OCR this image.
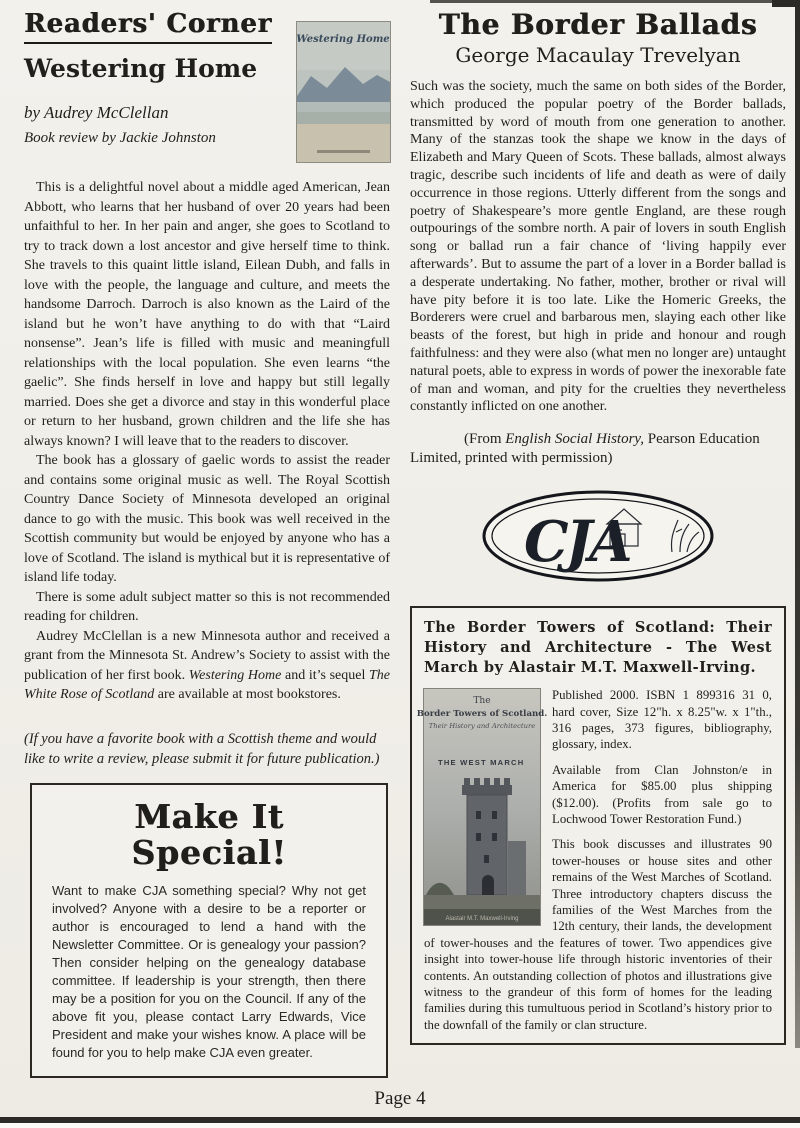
Readers' Corner
Westering Home
by Audrey McClellan
Book review by Jackie Johnston
Westering Home

This is a delightful novel about a middle aged American, Jean Abbott, who learns that her husband of over 20 years had been unfaithful to her. In her pain and anger, she goes to Scotland to try to track down a lost ancestor and give herself time to think. She travels to this quaint little island, Eilean Dubh, and falls in love with the people, the language and culture, and meets the handsome Darroch. Darroch is also known as the Laird of the island but he won’t have anything to do with that “Laird nonsense”. Jean’s life is filled with music and meaningfull relationships with the local population. She even learns “the gaelic”. She finds herself in love and happy but still legally married. Does she get a divorce and stay in this wonderful place or return to her husband, grown children and the life she has always known? I will leave that to the readers to discover.

The book has a glossary of gaelic words to assist the reader and contains some original music as well. The Royal Scottish Country Dance Society of Minnesota developed an original dance to go with the music. This book was well received in the Scottish community but would be enjoyed by anyone who has a love of Scotland. The island is mythical but it is representative of island life today.

There is some adult subject matter so this is not recommended reading for children.

Audrey McClellan is a new Minnesota author and received a grant from the Minnesota St. Andrew’s Society to assist with the publication of her first book. Westering Home and it’s sequel The White Rose of Scotland are available at most bookstores.

(If you have a favorite book with a Scottish theme and would like to write a review, please submit it for future publication.)
Make It Special!
Want to make CJA something special? Why not get involved? Anyone with a desire to be a reporter or author is encouraged to lend a hand with the Newsletter Committee. Or is genealogy your passion? Then consider helping on the genealogy database committee. If leadership is your strength, then there may be a position for you on the Council. If any of the above fit you, please contact Larry Edwards, Vice President and make your wishes know. A place will be found for you to help make CJA even greater.
The Border Ballads
George Macaulay Trevelyan

Such was the society, much the same on both sides of the Border, which produced the popular poetry of the Border ballads, transmitted by word of mouth from one generation to another. Many of the stanzas took the shape we know in the days of Elizabeth and Mary Queen of Scots. These ballads, almost always tragic, describe such incidents of life and death as were of daily occurrence in those regions. Utterly different from the songs and poetry of Shakespeare’s more gentle England, are these rough outpourings of the sombre north. A pair of lovers in south English song or ballad run a fair chance of ‘living happily ever afterwards’. But to assume the part of a lover in a Border ballad is a desperate undertaking. No father, mother, brother or rival will have pity before it is too late. Like the Homeric Greeks, the Borderers were cruel and barbarous men, slaying each other like beasts of the forest, but high in pride and honour and rough faithfulness: and they were also (what men no longer are) untaught natural poets, able to express in words of power the inexorable fate of man and woman, and pity for the cruelties they nevertheless constantly inflicted on one another.

(From English Social History, Pearson Education Limited, printed with permission)

CJA
The Border Towers of Scotland: Their History and Architecture - The West March by Alastair M.T. Maxwell-Irving.
The
Border Towers of Scotland.
Their History and Architecture
THE WEST MARCH
Alastair M.T. Maxwell-Irving

Published 2000. ISBN 1 899316 31 0, hard cover, Size 12"h. x 8.25"w. x 1"th., 316 pages, 373 figures, bibliography, glossary, index.

Available from Clan Johnston/e in America for $85.00 plus shipping ($12.00). (Profits from sale go to Lochwood Tower Restoration Fund.)

This book discusses and illustrates 90 tower-houses or house sites and other remains of the West Marches of Scotland. Three introductory chapters discuss the families of the West Marches from the 12th century, their lands, the development of tower-houses and the features of tower. Two appendices give insight into tower-house life through historic inventories of their contents. An outstanding collection of photos and illustrations give witness to the grandeur of this form of homes for the leading families during this tumultuous period in Scotland’s history prior to the downfall of the family or clan structure.

Page 4
